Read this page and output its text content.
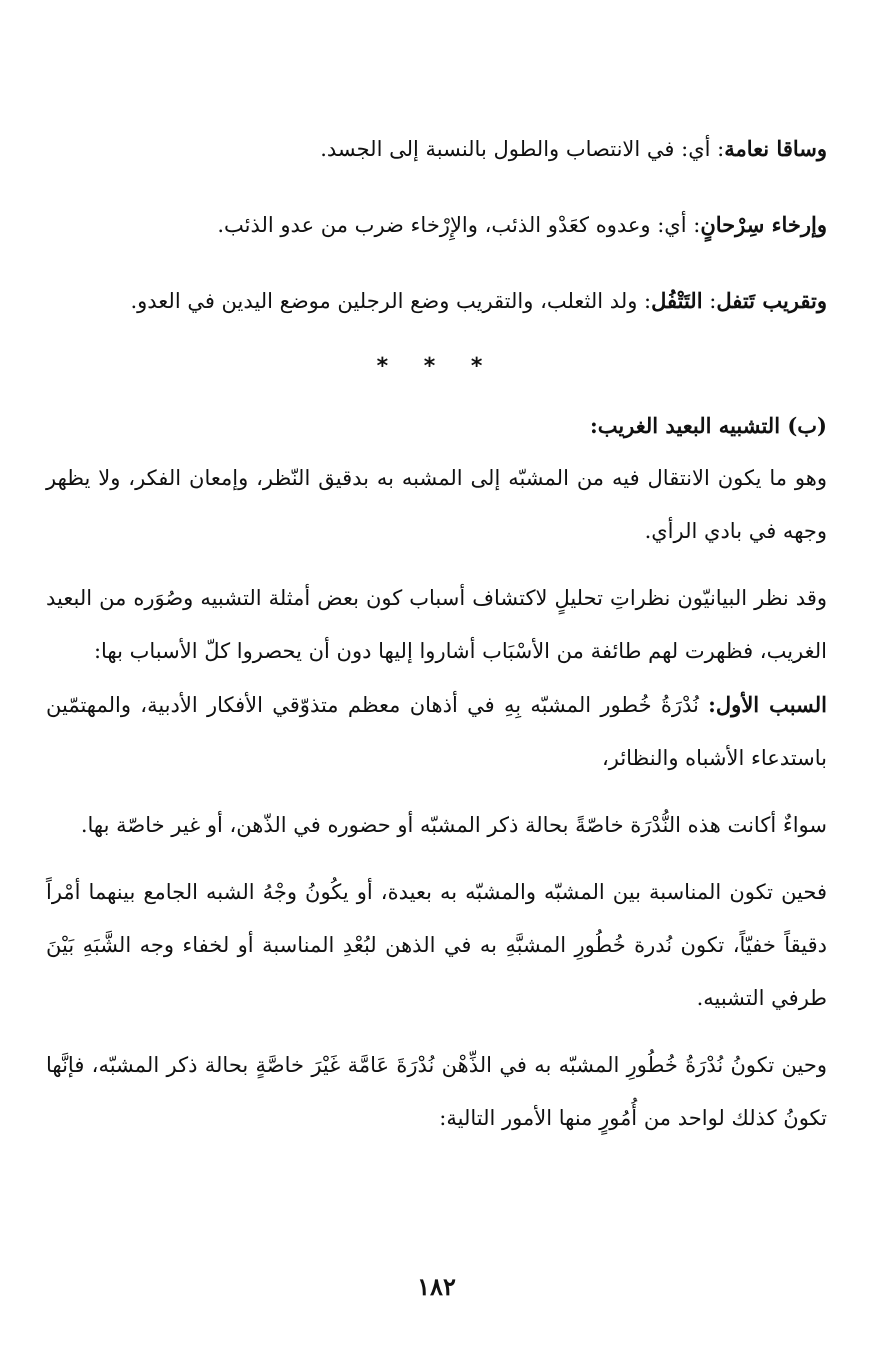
وساقا نعامة: أي: في الانتصاب والطول بالنسبة إلى الجسد.

وإرخاء سِرْحانٍ: أي: وعدوه كعَدْو الذئب، والإِرْخاء ضرب من عدو الذئب.

وتقريب تَتفل: التَتْفُل: ولد الثعلب، والتقريب وضع الرجلين موضع اليدين في العدو.

* * *

(ب) التشبيه البعيد الغريب:

وهو ما يكون الانتقال فيه من المشبّه إلى المشبه به بدقيق النّظر، وإمعان الفكر، ولا يظهر وجهه في بادي الرأي.

وقد نظر البيانيّون نظراتِ تحليلٍ لاكتشاف أسباب كون بعض أمثلة التشبيه وصُوَره من البعيد الغريب، فظهرت لهم طائفة من الأسْبَاب أشاروا إليها دون أن يحصروا كلّ الأسباب بها:

السبب الأول: نُدْرَةُ خُطور المشبّه بِهِ في أذهان معظم متذوّقي الأفكار الأدبية، والمهتمّين باستدعاء الأشباه والنظائر،

سواءٌ أكانت هذه النُّدْرَة خاصّةً بحالة ذكر المشبّه أو حضوره في الذّهن، أو غير خاصّة بها.

فحين تكون المناسبة بين المشبّه والمشبّه به بعيدة، أو يكُونُ وجْهُ الشبه الجامع بينهما أمْراً دقيقاً خفيّاً، تكون نُدرة خُطُورِ المشبَّهِ به في الذهن لبُعْدِ المناسبة أو لخفاء وجه الشَّبَهِ بَيْنَ طرفي التشبيه.

وحين تكونُ نُدْرَةُ خُطُورِ المشبّه به في الذِّهْن نُدْرَةَ عَامَّة غَيْرَ خاصَّةٍ بحالة ذكر المشبّه، فإنَّها تكونُ كذلك لواحد من أُمُورٍ منها الأمور التالية:

١٨٢
